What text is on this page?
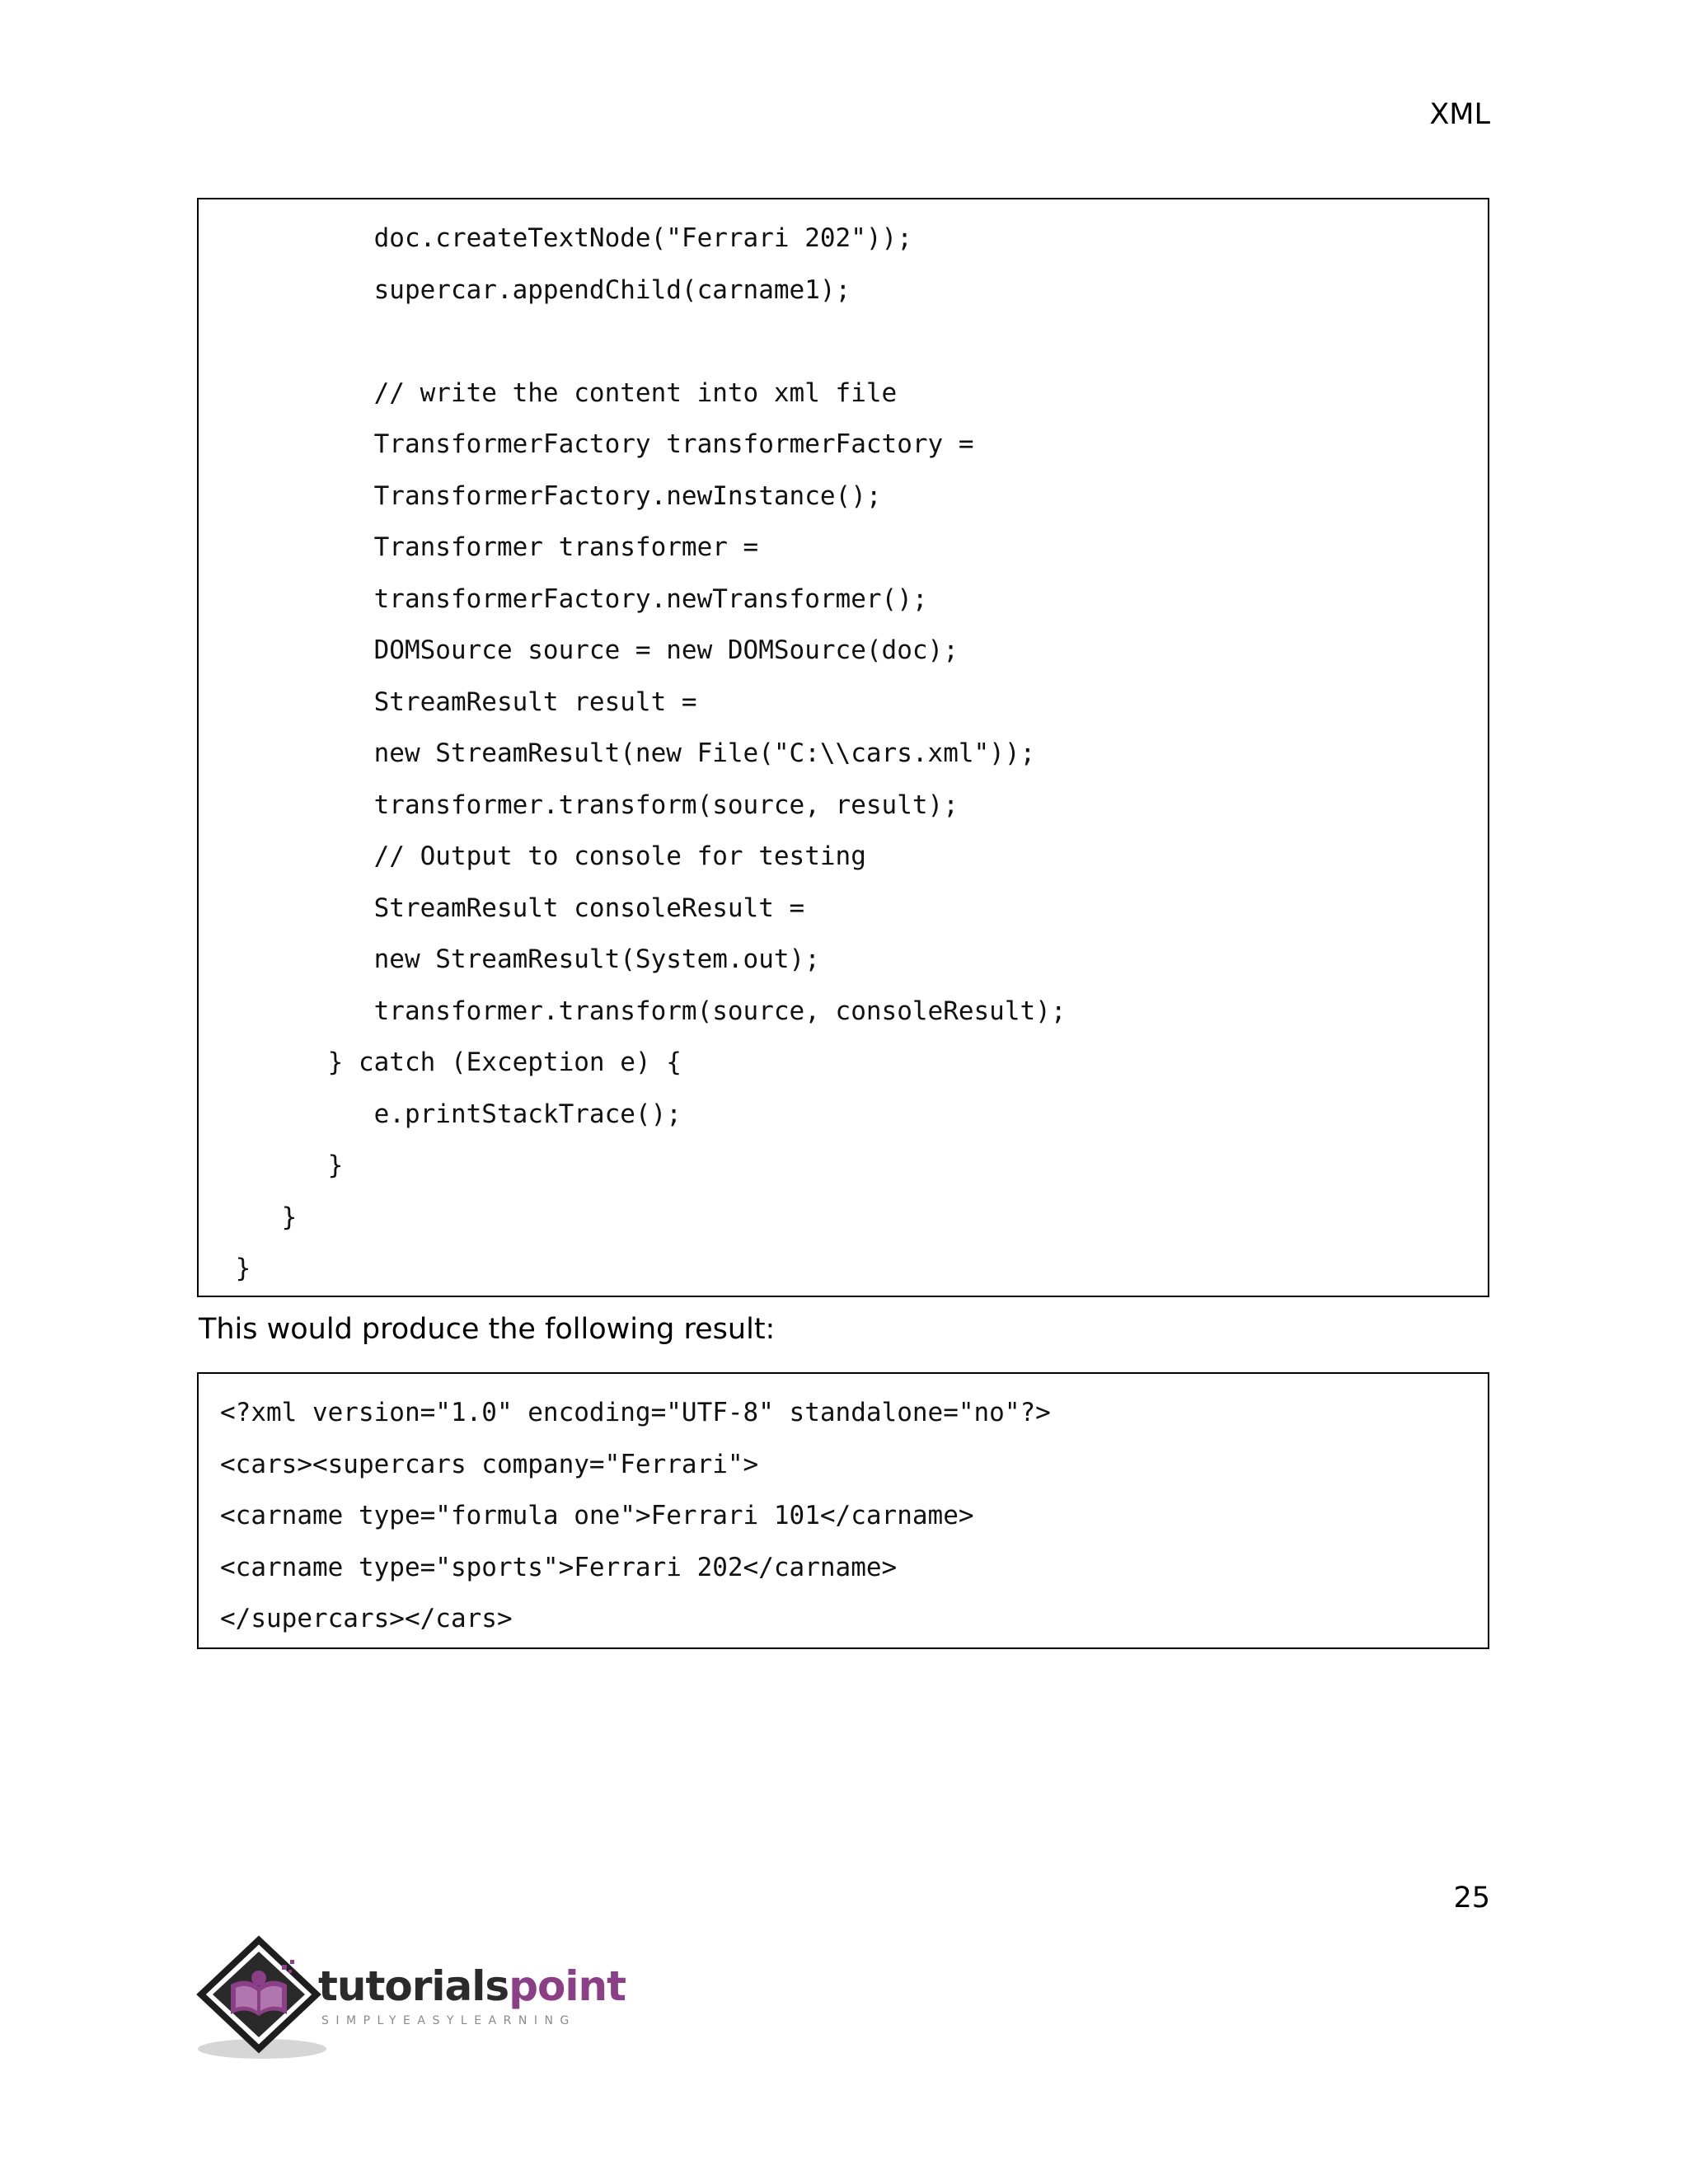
XML
doc.createTextNode("Ferrari 202"));
supercar.appendChild(carname1);
// write the content into xml file
TransformerFactory transformerFactory =
TransformerFactory.newInstance();
Transformer transformer =
transformerFactory.newTransformer();
DOMSource source = new DOMSource(doc);
StreamResult result =
new StreamResult(new File("C:\\cars.xml"));
transformer.transform(source, result);
// Output to console for testing
StreamResult consoleResult =
new StreamResult(System.out);
transformer.transform(source, consoleResult);
} catch (Exception e) {
e.printStackTrace();
}
}
}
This would produce the following result:
<?xml version="1.0" encoding="UTF-8" standalone="no"?>
<cars><supercars company="Ferrari">
<carname type="formula one">Ferrari 101</carname>
<carname type="sports">Ferrari 202</carname>
</supercars></cars>
25
tutorialspoint
SIMPLYEASYLEARNING
